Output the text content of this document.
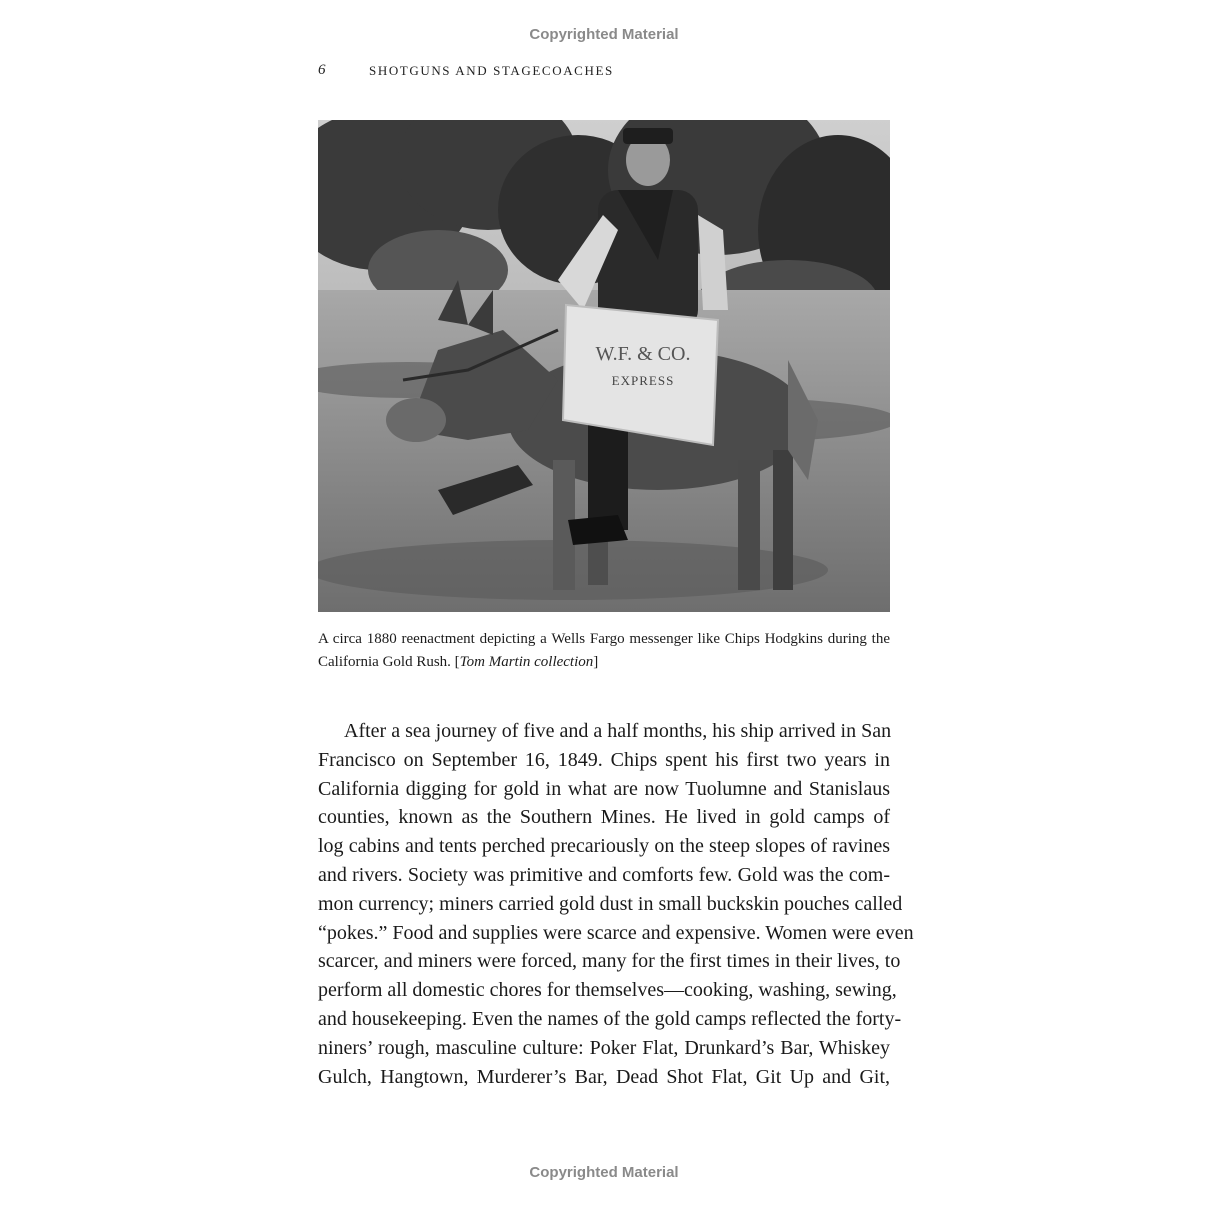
Copyrighted Material
6	SHOTGUNS AND STAGECOACHES
W.F. & CO.
EXPRESS
A circa 1880 reenactment depicting a Wells Fargo messenger like Chips Hodgkins during the California Gold Rush. [Tom Martin collection]
After a sea journey of five and a half months, his ship arrived in San
Francisco on September 16, 1849. Chips spent his first two years in
California digging for gold in what are now Tuolumne and Stanislaus
counties, known as the Southern Mines. He lived in gold camps of
log cabins and tents perched precariously on the steep slopes of ravines
and rivers. Society was primitive and comforts few. Gold was the com-
mon currency; miners carried gold dust in small buckskin pouches called
“pokes.” Food and supplies were scarce and expensive. Women were even
scarcer, and miners were forced, many for the first times in their lives, to
perform all domestic chores for themselves—cooking, washing, sewing,
and housekeeping. Even the names of the gold camps reflected the forty-
niners’ rough, masculine culture: Poker Flat, Drunkard’s Bar, Whiskey
Gulch, Hangtown, Murderer’s Bar, Dead Shot Flat, Git Up and Git,
Copyrighted Material
